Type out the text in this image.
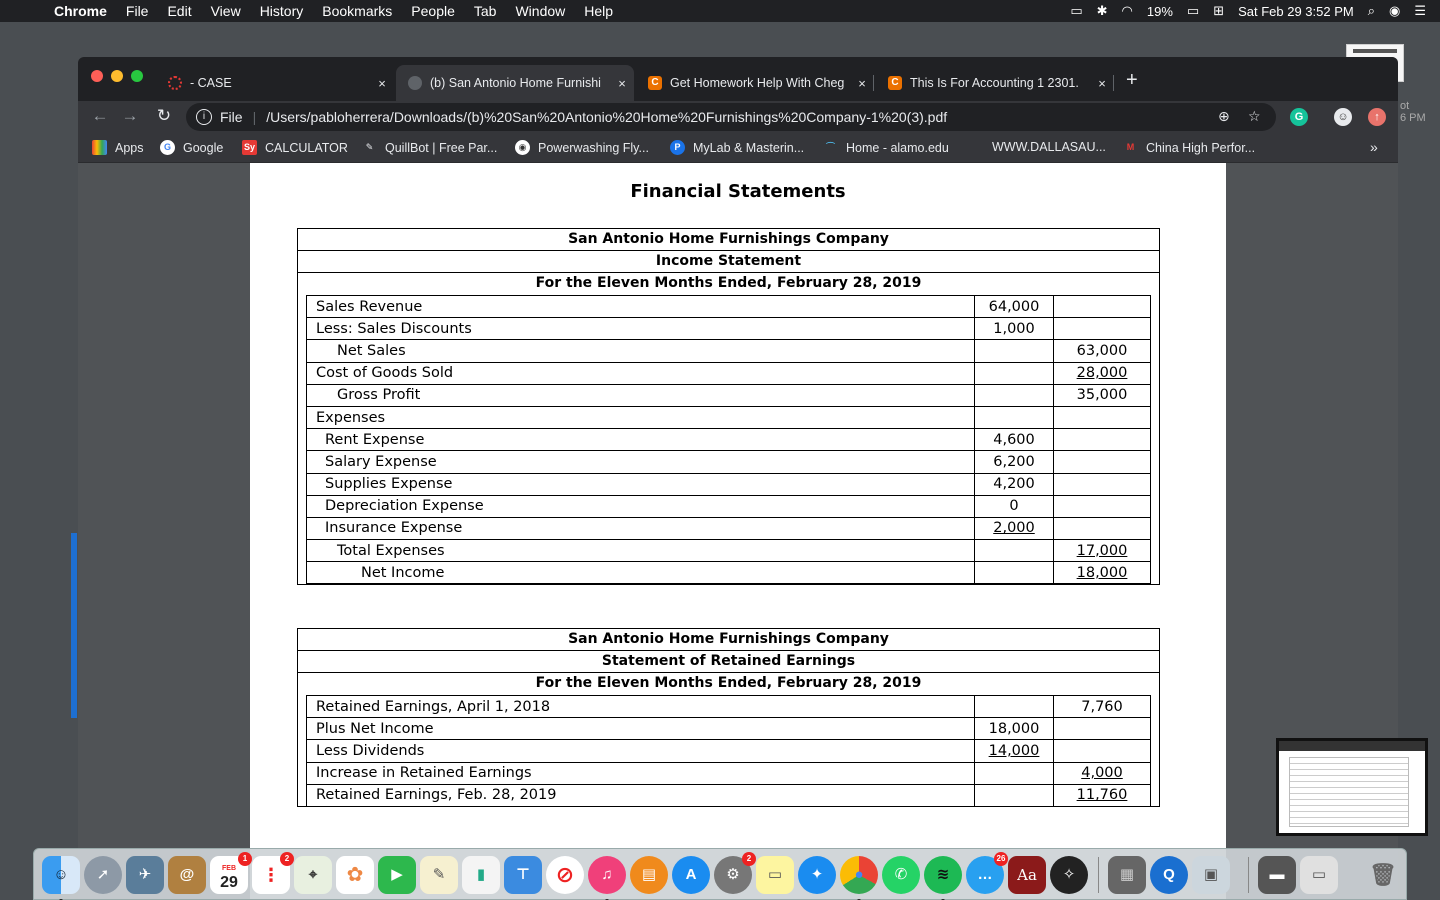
Chrome File Edit View History Bookmarks People Tab Window Help	▭ ✱ ◠ 19% ▭ ⊞ Sat Feb 29 3:52 PM ⌕ ◉ ☰
ot
6 PM
- CASE	×	(b) San Antonio Home Furnishi	×	C Get Homework Help With Cheg	×	C This Is For Accounting 1 2301.	×	+
← → ↻	i	File | /Users/pabloherrera/Downloads/(b)%20San%20Antonio%20Home%20Furnishings%20Company-1%20(3).pdf	⊕ ☆	G	☺	↑
Apps	G Google Sy CALCULATOR	✎ QuillBot | Free Par...	◉ Powerwashing Fly...	P	MyLab & Masterin...	⌒ Home - alamo.edu	WWW.DALLASAU...	M China High Perfor...	»
Financial Statements
San Antonio Home Furnishings Company
Income Statement
For the Eleven Months Ended, February 28, 2019
Sales Revenue	64,000	
Less: Sales Discounts	1,000	
Net Sales		63,000
Cost of Goods Sold		28,000
Gross Profit		35,000
Expenses		
Rent Expense	4,600	
Salary Expense	6,200	
Supplies Expense	4,200	
Depreciation Expense	0	
Insurance Expense	2,000	
Total Expenses		17,000
Net Income		18,000
San Antonio Home Furnishings Company
Statement of Retained Earnings
For the Eleven Months Ended, February 28, 2019
Retained Earnings, April 1, 2018		7,760
Plus Net Income	18,000	
Less Dividends	14,000	
Increase in Retained Earnings		4,000
Retained Earnings, Feb. 28, 2019		11,760
☺	➚	✈	@	FEB
29
1
⋮
2
⌖	✿	▶	✎	▮	⊤	⊘	♫	▤	A	⚙
2
▭	✦	●	✆	≋	…
26
Aa	✧	▦	Q	▣	▬	▭	🗑
